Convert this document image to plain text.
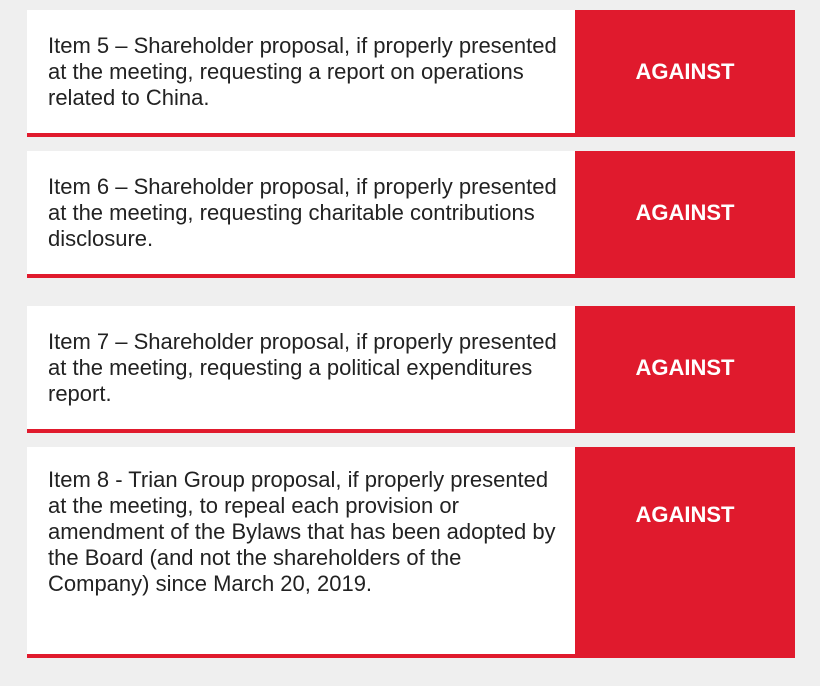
Item 5 – Shareholder proposal, if properly presented at the meeting, requesting a report on operations related to China.
AGAINST
Item 6 – Shareholder proposal, if properly presented at the meeting, requesting charitable contributions disclosure.
AGAINST
Item 7 – Shareholder proposal, if properly presented at the meeting, requesting a political expenditures report.
AGAINST
Item 8 - Trian Group proposal, if properly presented at the meeting, to repeal each provision or amendment of the Bylaws that has been adopted by the Board (and not the shareholders of the Company) since March 20, 2019.
AGAINST
